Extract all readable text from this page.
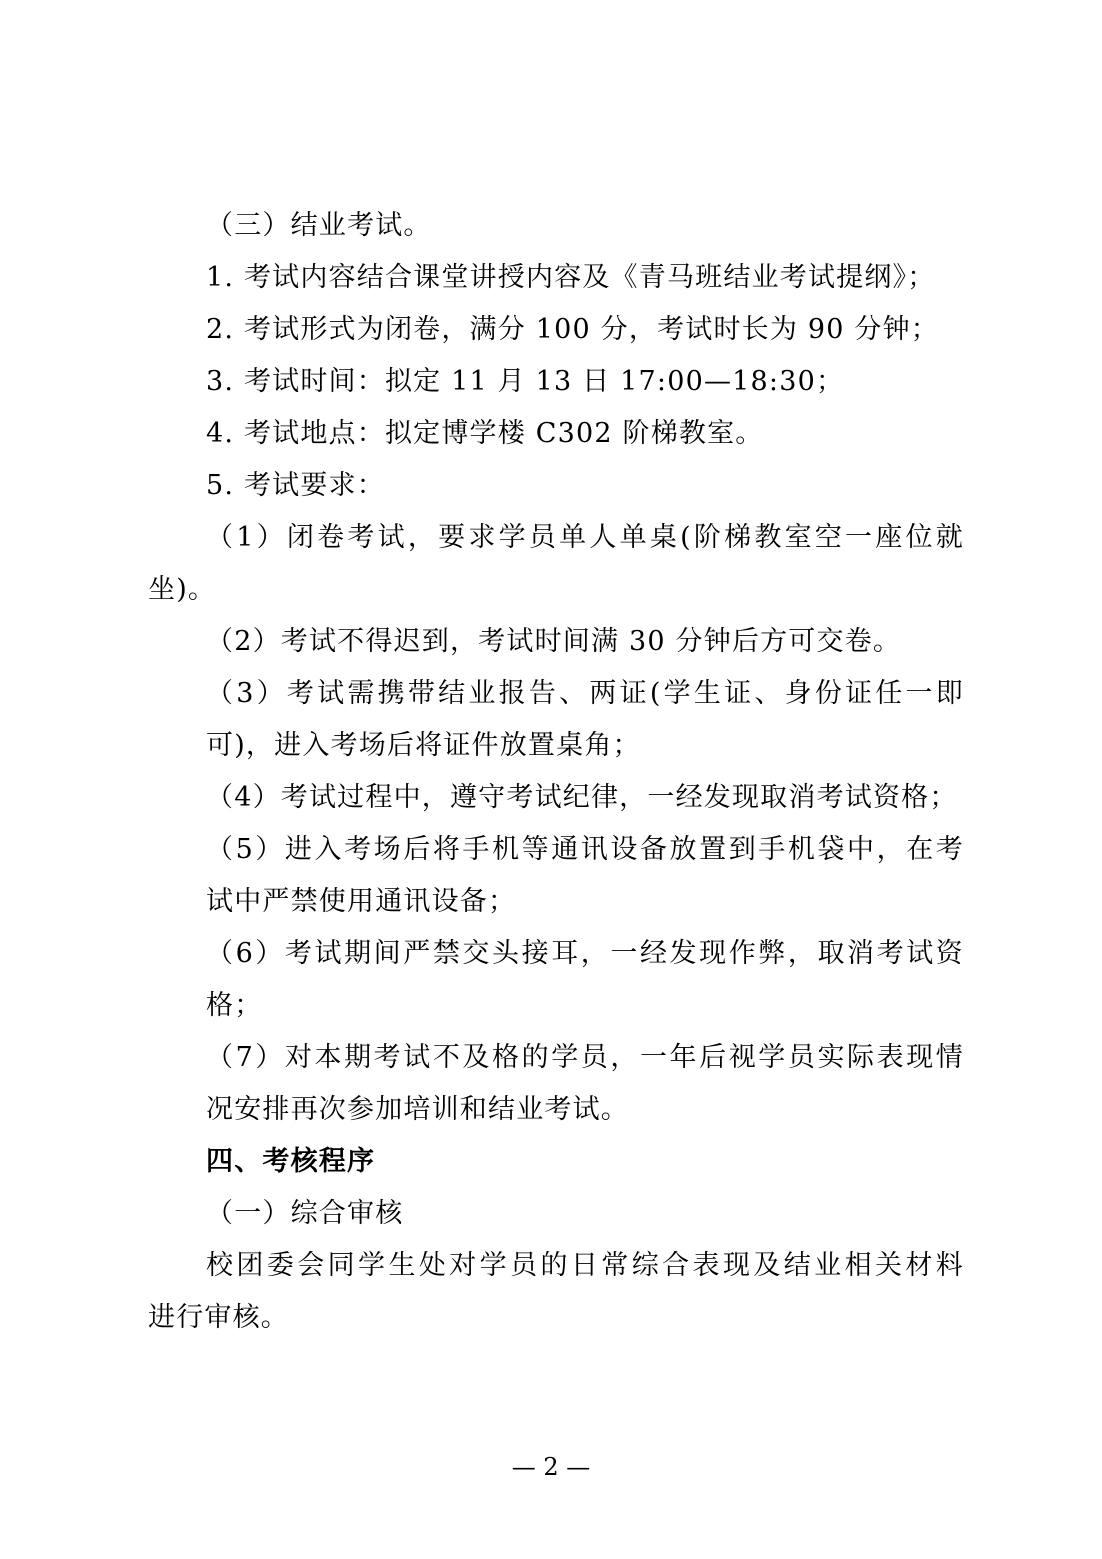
（三）结业考试。
1. 考试内容结合课堂讲授内容及《青马班结业考试提纲》；
2. 考试形式为闭卷，满分 100 分，考试时长为 90 分钟；
3. 考试时间：拟定 11 月 13 日 17:00—18:30；
4. 考试地点：拟定博学楼 C302 阶梯教室。
5. 考试要求：
（1）闭卷考试，要求学员单人单桌(阶梯教室空一座位就
坐)。
（2）考试不得迟到，考试时间满 30 分钟后方可交卷。
（3）考试需携带结业报告、两证(学生证、身份证任一即
可)，进入考场后将证件放置桌角；
（4）考试过程中，遵守考试纪律，一经发现取消考试资格；
（5）进入考场后将手机等通讯设备放置到手机袋中，在考
试中严禁使用通讯设备；
（6）考试期间严禁交头接耳，一经发现作弊，取消考试资
格；
（7）对本期考试不及格的学员，一年后视学员实际表现情
况安排再次参加培训和结业考试。
四、考核程序
（一）综合审核
校团委会同学生处对学员的日常综合表现及结业相关材料
进行审核。
— 2 —
